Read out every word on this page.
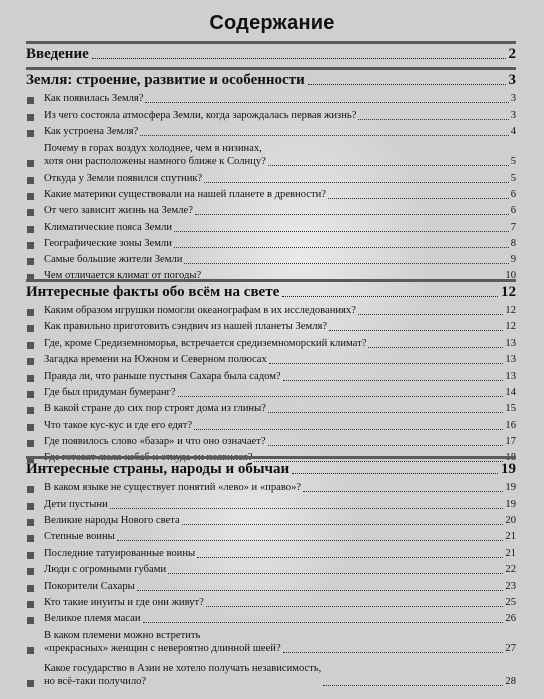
Содержание
Введение	2
Земля: строение, развитие и особенности	3
Как появилась Земля?	3
Из чего состояла атмосфера Земли, когда зарождалась первая жизнь?	3
Как устроена Земля?	4
Почему в горах воздух холоднее, чем в низинах,
хотя они расположены намного ближе к Солнцу?	5
Откуда у Земли появился спутник?	5
Какие материки существовали на нашей планете в древности?	6
От чего зависит жизнь на Земле?	6
Климатические пояса Земли	7
Географические зоны Земли	8
Самые большие жители Земли	9
Чем отличается климат от погоды?	10
Интересные факты обо всём на свете	12
Каким образом игрушки помогли океанографам в их исследованиях?	12
Как правильно приготовить сэндвич из нашей планеты Земля?	12
Где, кроме Средиземноморья, встречается средиземноморский климат?	13
Загадка времени на Южном и Северном полюсах	13
Правда ли, что раньше пустыня Сахара была садом?	13
Где был придуман бумеранг?	14
В какой стране до сих пор строят дома из глины?	15
Что такое кус-кус и где его едят?	16
Где появилось слово «базар» и что оно означает?	17
Где готовят люля-кебаб и откуда он появился?	18
Интересные страны, народы и обычаи	19
В каком языке не существует понятий «лево» и «право»?	19
Дети пустыни	19
Великие народы Нового света	20
Степные воины	21
Последние татуированные воины	21
Люди с огромными губами	22
Покорители Сахары	23
Кто такие инуиты и где они живут?	25
Великое племя масаи	26
В каком племени можно встретить
«прекрасных» женщин с невероятно длинной шеей?	27
Какое государство в Азии не хотело получать независимость,
но всё-таки получило?	28
